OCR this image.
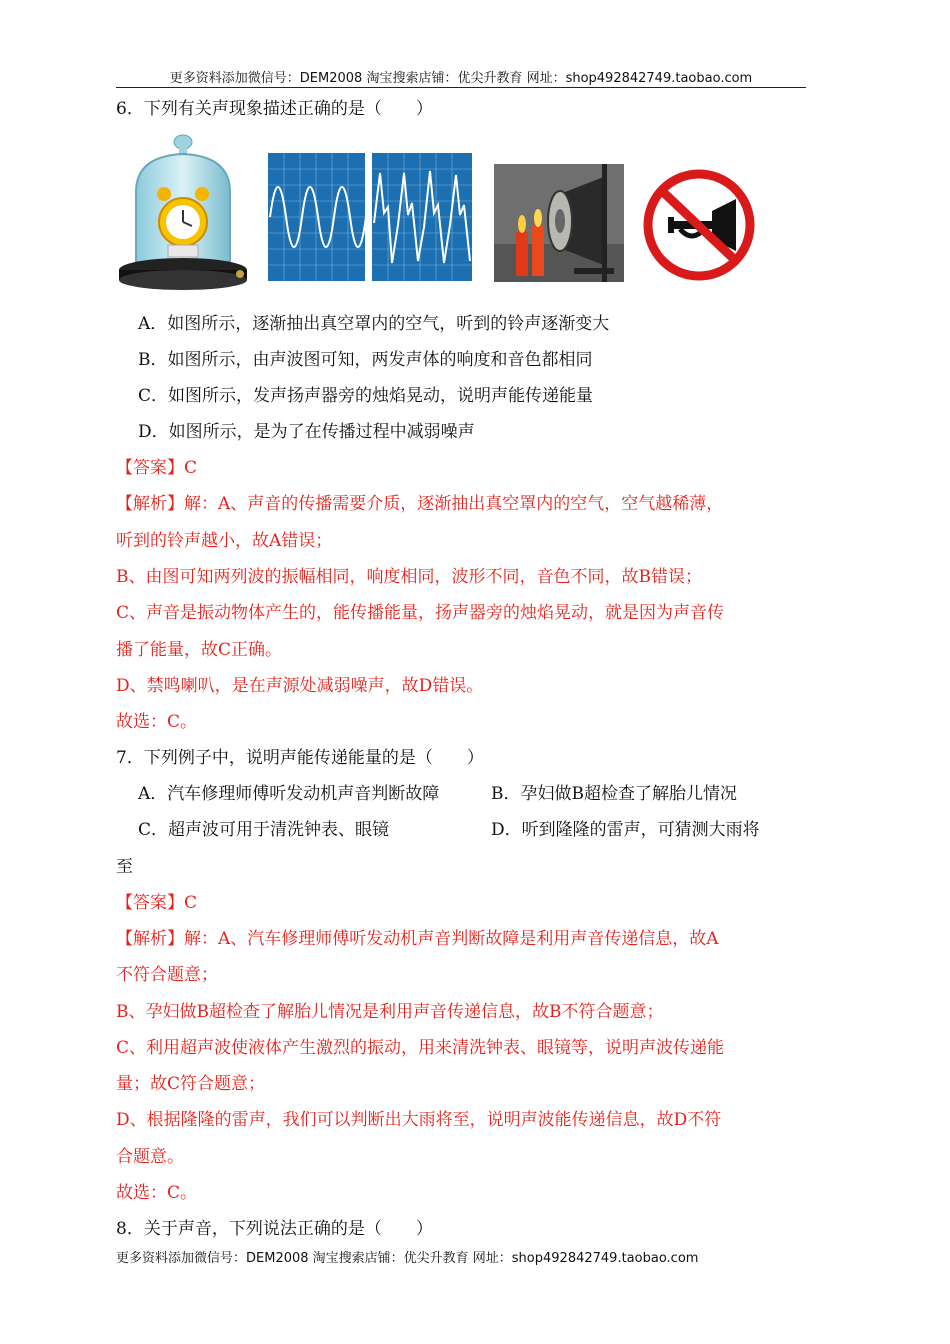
更多资料添加微信号：DEM2008 淘宝搜索店铺：优尖升教育 网址：shop492842749.taobao.com
6．下列有关声现象描述正确的是（　　）
A．如图所示，逐渐抽出真空罩内的空气，听到的铃声逐渐变大
B．如图所示，由声波图可知，两发声体的响度和音色都相同
C．如图所示，发声扬声器旁的烛焰晃动，说明声能传递能量
D．如图所示，是为了在传播过程中减弱噪声
【答案】C
【解析】解：A、声音的传播需要介质，逐渐抽出真空罩内的空气，空气越稀薄，
听到的铃声越小，故A错误；
B、由图可知两列波的振幅相同，响度相同，波形不同，音色不同，故B错误；
C、声音是振动物体产生的，能传播能量，扬声器旁的烛焰晃动，就是因为声音传
播了能量，故C正确。
D、禁鸣喇叭，是在声源处减弱噪声，故D错误。
故选：C。
7．下列例子中，说明声能传递能量的是（　　）
A．汽车修理师傅听发动机声音判断故障	B．孕妇做B超检查了解胎儿情况
C．超声波可用于清洗钟表、眼镜	D．听到隆隆的雷声，可猜测大雨将
至
【答案】C
【解析】解：A、汽车修理师傅听发动机声音判断故障是利用声音传递信息，故A
不符合题意；
B、孕妇做B超检查了解胎儿情况是利用声音传递信息，故B不符合题意；
C、利用超声波使液体产生激烈的振动，用来清洗钟表、眼镜等，说明声波传递能
量；故C符合题意；
D、根据隆隆的雷声，我们可以判断出大雨将至，说明声波能传递信息，故D不符
合题意。
故选：C。
8．关于声音，下列说法正确的是（　　）
更多资料添加微信号：DEM2008 淘宝搜索店铺：优尖升教育 网址：shop492842749.taobao.com
